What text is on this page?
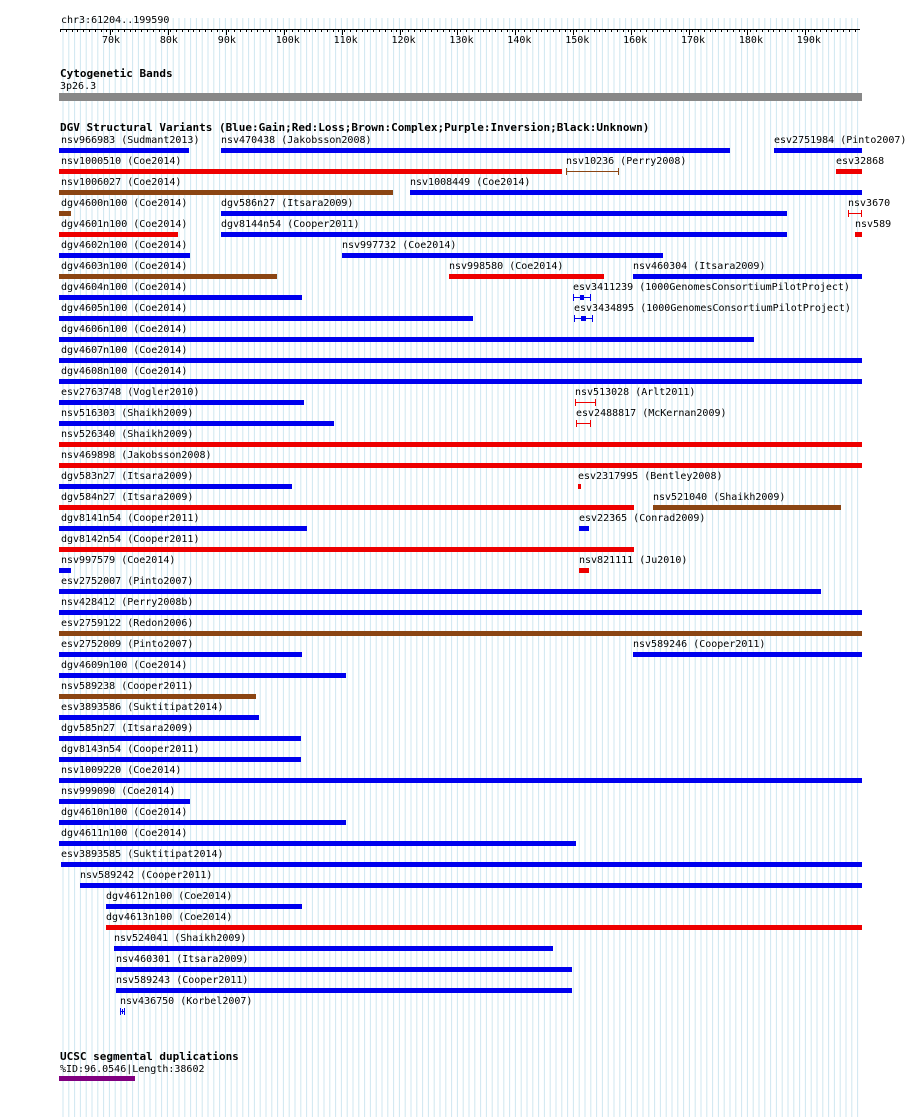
chr3:61204..199590
70k	80k	90k	100k	110k	120k	130k	140k	150k	160k	170k	180k	190k
Cytogenetic Bands
3p26.3
DGV Structural Variants (Blue:Gain;Red:Loss;Brown:Complex;Purple:Inversion;Black:Unknown)
nsv966983 (Sudmant2013) nsv470438 (Jakobsson2008)	esv2751984 (Pinto2007)
nsv1000510 (Coe2014)	nsv10236 (Perry2008)	esv32868
nsv1006027 (Coe2014)	nsv1008449 (Coe2014)
dgv4600n100 (Coe2014)	dgv586n27 (Itsara2009)	nsv3670
dgv4601n100 (Coe2014)	dgv8144n54 (Cooper2011)	nsv589
dgv4602n100 (Coe2014)	nsv997732 (Coe2014)
dgv4603n100 (Coe2014)	nsv998580 (Coe2014)	nsv460304 (Itsara2009)
dgv4604n100 (Coe2014)	esv3411239 (1000GenomesConsortiumPilotProject)
dgv4605n100 (Coe2014)	esv3434895 (1000GenomesConsortiumPilotProject)
dgv4606n100 (Coe2014)
dgv4607n100 (Coe2014)
dgv4608n100 (Coe2014)
esv2763748 (Vogler2010)	nsv513028 (Arlt2011)
nsv516303 (Shaikh2009)	esv2488817 (McKernan2009)
nsv526340 (Shaikh2009)
nsv469898 (Jakobsson2008)
dgv583n27 (Itsara2009)	esv2317995 (Bentley2008)
dgv584n27 (Itsara2009)	nsv521040 (Shaikh2009)
dgv8141n54 (Cooper2011)	esv22365 (Conrad2009)
dgv8142n54 (Cooper2011)
nsv997579 (Coe2014)	nsv821111 (Ju2010)
esv2752007 (Pinto2007)
nsv428412 (Perry2008b)
esv2759122 (Redon2006)
esv2752009 (Pinto2007)	nsv589246 (Cooper2011)
dgv4609n100 (Coe2014)
nsv589238 (Cooper2011)
esv3893586 (Suktitipat2014)
dgv585n27 (Itsara2009)
dgv8143n54 (Cooper2011)
nsv1009220 (Coe2014)
nsv999090 (Coe2014)
dgv4610n100 (Coe2014)
dgv4611n100 (Coe2014)
esv3893585 (Suktitipat2014)
nsv589242 (Cooper2011)
dgv4612n100 (Coe2014)
dgv4613n100 (Coe2014)
nsv524041 (Shaikh2009)
nsv460301 (Itsara2009)
nsv589243 (Cooper2011)
nsv436750 (Korbel2007)
UCSC segmental duplications
%ID:96.0546|Length:38602
